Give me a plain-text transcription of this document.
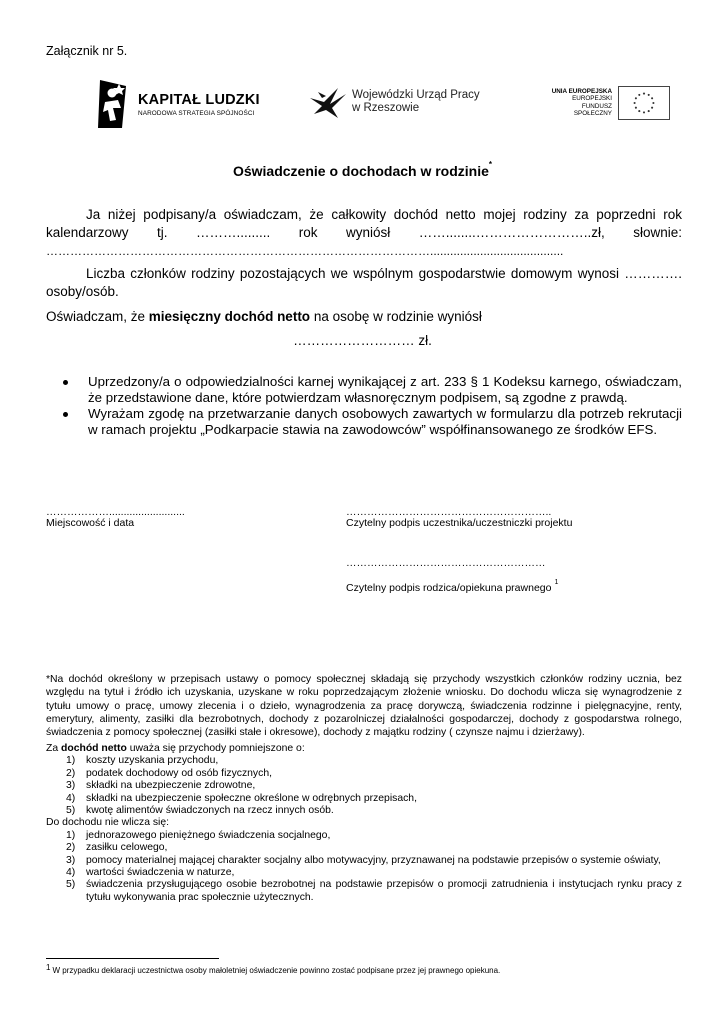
Załącznik nr 5.
KAPITAŁ LUDZKI
NARODOWA STRATEGIA SPÓJNOŚCI
Wojewódzki Urząd Pracy
w Rzeszowie
UNIA EUROPEJSKA
EUROPEJSKI
FUNDUSZ SPOŁECZNY
Oświadczenie o dochodach w rodzinie*
Ja niżej podpisany/a oświadczam, że całkowity dochód netto mojej rodziny za poprzedni rok
kalendarzowy tj. ………......... rok wyniósł ……........……………………..zł, słownie:
……………………………………………………………………………………........................................
Liczba członków rodziny pozostających we wspólnym gospodarstwie domowym wynosi ………….
osoby/osób.
Oświadczam, że miesięczny dochód netto na osobę w rodzinie wyniósł
……………………… zł.
Uprzedzony/a o odpowiedzialności karnej wynikającej z art. 233 § 1 Kodeksu karnego, oświadczam, że przedstawione dane, które potwierdzam własnoręcznym podpisem, są zgodne z prawdą.
Wyrażam zgodę na przetwarzanie danych osobowych zawartych w formularzu dla potrzeb rekrutacji w ramach projektu „Podkarpacie stawia na zawodowców” współfinansowanego ze środków EFS.
………………..........................
Miejscowość i data
…………………………………………………..
Czytelny podpis uczestnika/uczestniczki projektu
…………………………………………………
Czytelny podpis rodzica/opiekuna prawnego $^1$
*Na dochód określony w przepisach ustawy o pomocy społecznej składają się przychody wszystkich członków rodziny ucznia, bez względu na tytuł i źródło ich uzyskania, uzyskane w roku poprzedzającym złożenie wniosku. Do dochodu wlicza się wynagrodzenie z tytułu umowy o pracę, umowy zlecenia i o dzieło, wynagrodzenia za pracę dorywczą, świadczenia rodzinne i pielęgnacyjne, renty, emerytury, alimenty, zasiłki dla bezrobotnych, dochody z pozarolniczej działalności gospodarczej, dochody z gospodarstwa rolnego, świadczenia z pomocy społecznej (zasiłki stałe i okresowe), dochody z majątku rodziny ( czynsze najmu i dzierżawy).
Za dochód netto uważa się przychody pomniejszone o:
1) koszty uzyskania przychodu,
2) podatek dochodowy od osób fizycznych,
3) składki na ubezpieczenie zdrowotne,
4) składki na ubezpieczenie społeczne określone w odrębnych przepisach,
5) kwotę alimentów świadczonych na rzecz innych osób.
Do dochodu nie wlicza się:
1) jednorazowego pieniężnego świadczenia socjalnego,
2) zasiłku celowego,
3) pomocy materialnej mającej charakter socjalny albo motywacyjny, przyznawanej na podstawie przepisów o systemie oświaty,
4) wartości świadczenia w naturze,
5) świadczenia przysługującego osobie bezrobotnej na podstawie przepisów o promocji zatrudnienia i instytucjach rynku pracy z tytułu wykonywania prac społecznie użytecznych.
$^1$ W przypadku deklaracji uczestnictwa osoby małoletniej oświadczenie powinno zostać podpisane przez jej prawnego opiekuna.
